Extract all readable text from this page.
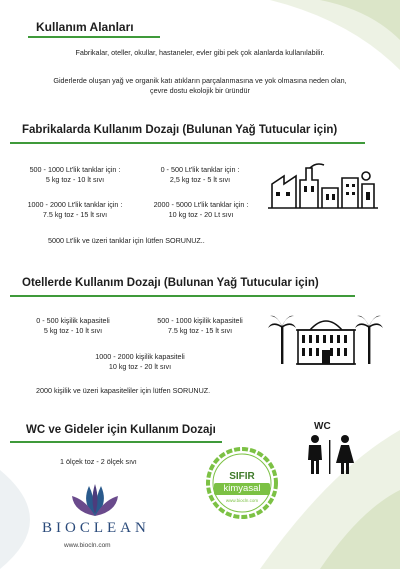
Kullanım Alanları
Fabrikalar, oteller, okullar, hastaneler, evler gibi pek çok alanlarda kullanılabilir.
Giderlerde oluşan yağ ve organik katı atıkların parçalanmasına ve yok olmasına neden olan,
çevre dostu ekolojik bir üründür
Fabrikalarda Kullanım Dozajı (Bulunan Yağ Tutucular için)
500 - 1000 Lt'lik tanklar için :
5 kg toz - 10 lt sıvı
0 - 500 Lt'lik tanklar için :
2,5 kg toz - 5 lt sıvı
1000 - 2000 Lt'lik tanklar için :
7.5 kg toz - 15 lt sıvı
2000 - 5000 Lt'lik tanklar için :
10 kg toz - 20 Lt sıvı
5000 Lt'lik ve üzeri tanklar için lütfen SORUNUZ..
Otellerde Kullanım Dozajı (Bulunan Yağ Tutucular için)
0 - 500 kişilik kapasiteli
5 kg toz - 10 lt sıvı
500 - 1000 kişilik kapasiteli
7.5 kg toz - 15 lt sıvı
1000 - 2000 kişilik kapasiteli
10 kg toz - 20 lt sıvı
2000 kişilik ve üzeri kapasiteliler için lütfen SORUNUZ.
WC ve Gideler için Kullanım Dozajı
1 ölçek toz - 2 ölçek sıvı
WC
BIOCLEAN
www.biocln.com
SIFIR
kimyasal
www.biocln.com
